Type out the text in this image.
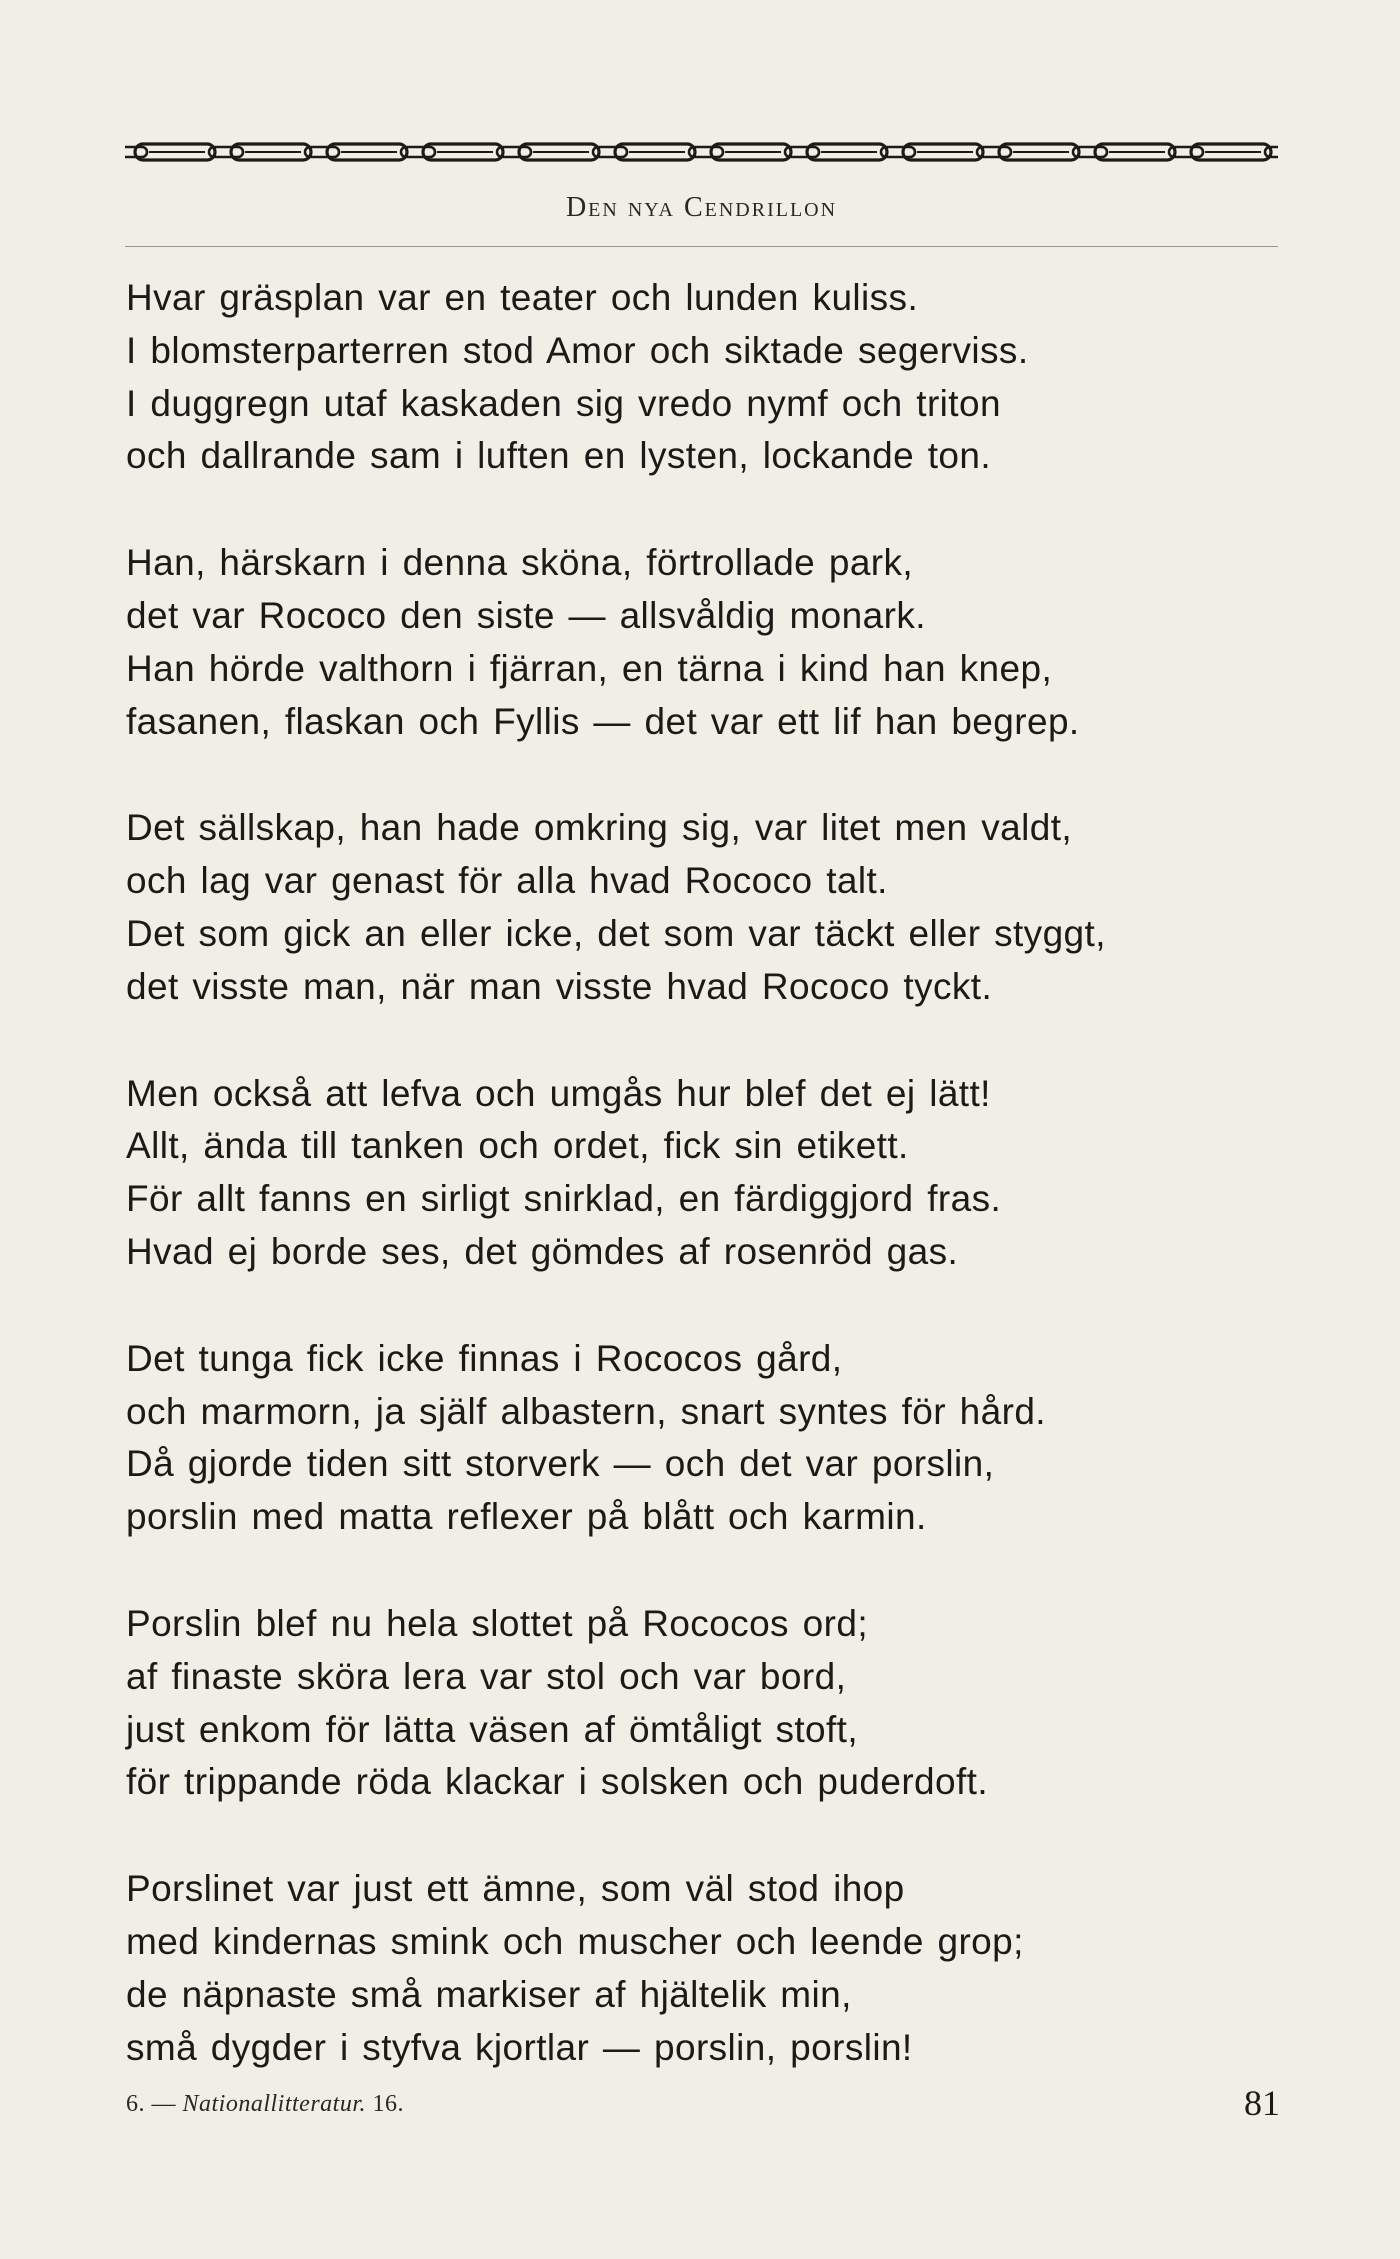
Den nya Cendrillon
Hvar gräsplan var en teater och lunden kuliss.
I blomsterparterren stod Amor och siktade segerviss.
I duggregn utaf kaskaden sig vredo nymf och triton
och dallrande sam i luften en lysten, lockande ton.
Han, härskarn i denna sköna, förtrollade park,
det var Rococo den siste — allsvåldig monark.
Han hörde valthorn i fjärran, en tärna i kind han knep,
fasanen, flaskan och Fyllis — det var ett lif han begrep.
Det sällskap, han hade omkring sig, var litet men valdt,
och lag var genast för alla hvad Rococo talt.
Det som gick an eller icke, det som var täckt eller styggt,
det visste man, när man visste hvad Rococo tyckt.
Men också att lefva och umgås hur blef det ej lätt!
Allt, ända till tanken och ordet, fick sin etikett.
För allt fanns en sirligt snirklad, en färdiggjord fras.
Hvad ej borde ses, det gömdes af rosenröd gas.
Det tunga fick icke finnas i Rococos gård,
och marmorn, ja själf albastern, snart syntes för hård.
Då gjorde tiden sitt storverk — och det var porslin,
porslin med matta reflexer på blått och karmin.
Porslin blef nu hela slottet på Rococos ord;
af finaste sköra lera var stol och var bord,
just enkom för lätta väsen af ömtåligt stoft,
för trippande röda klackar i solsken och puderdoft.
Porslinet var just ett ämne, som väl stod ihop
med kindernas smink och muscher och leende grop;
de näpnaste små markiser af hjältelik min,
små dygder i styfva kjortlar — porslin, porslin!
6. — Nationallitteratur. 16.	81
